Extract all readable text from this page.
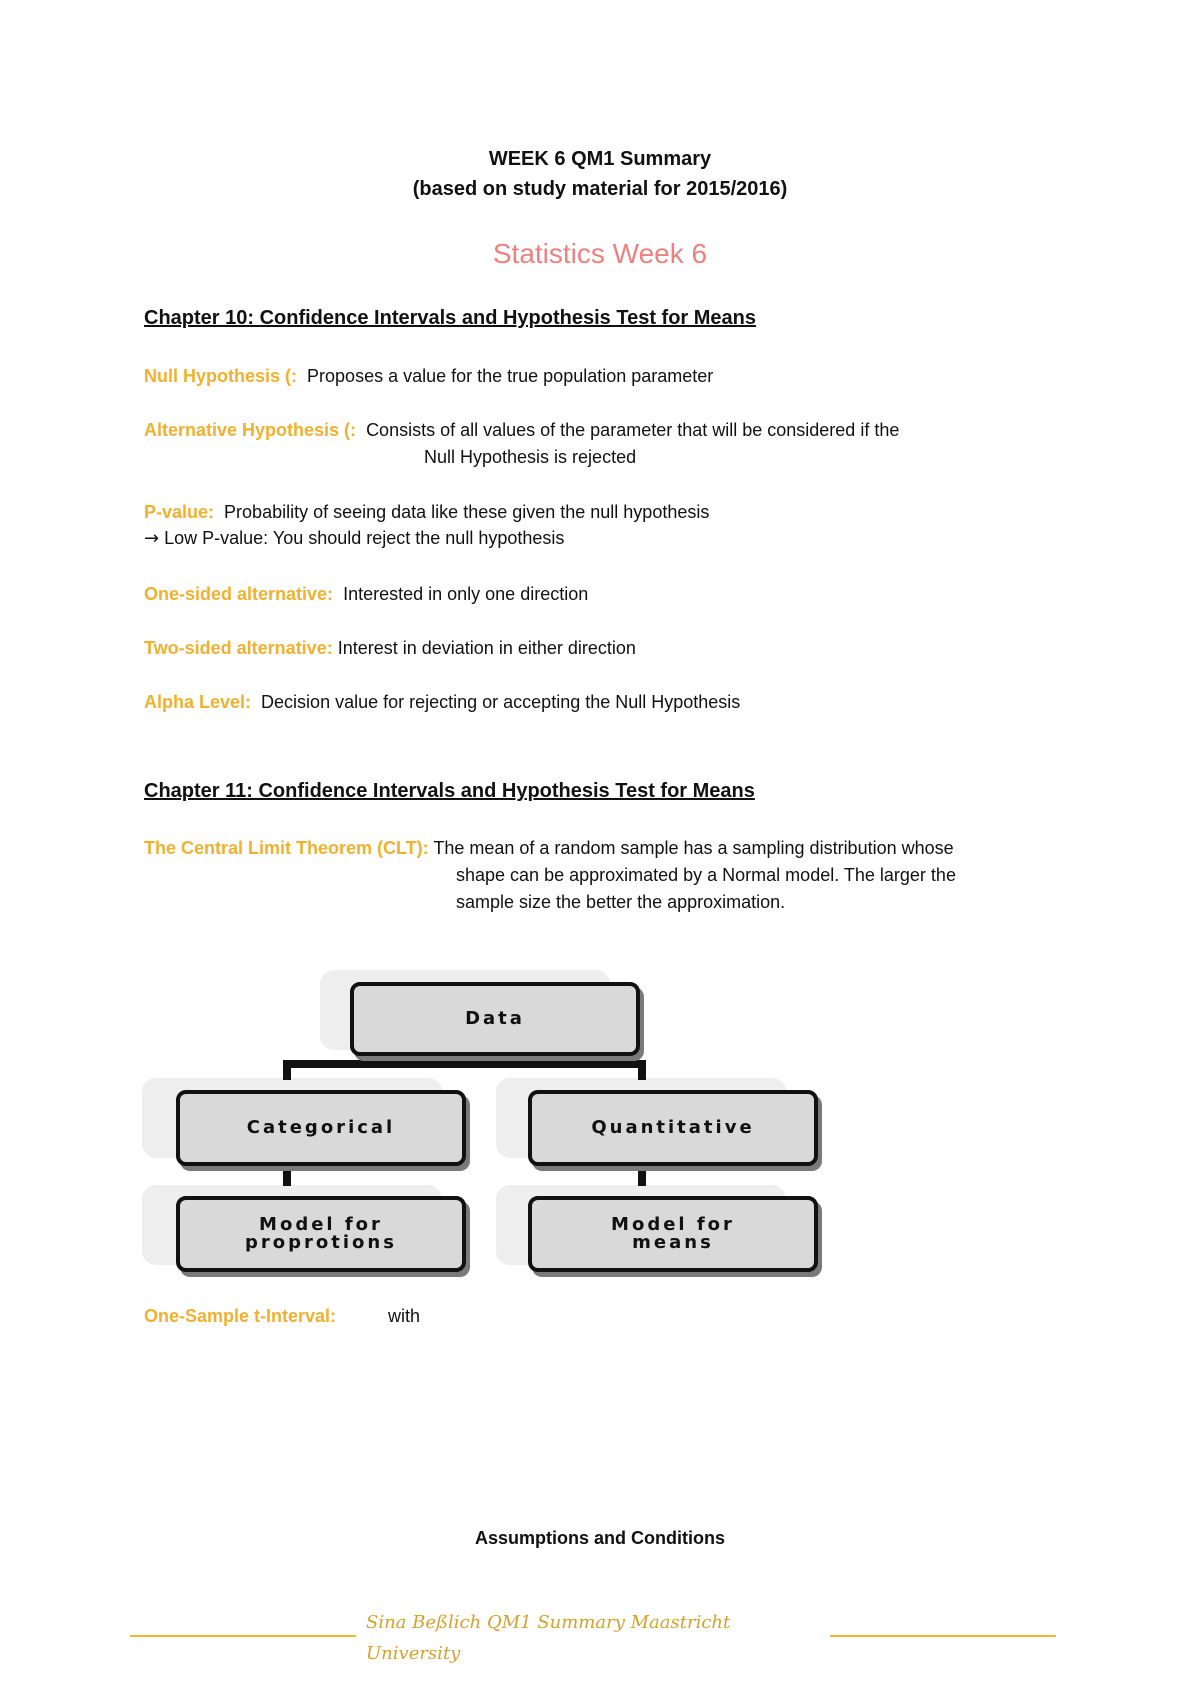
WEEK 6 QM1 Summary
(based on study material for 2015/2016)
Statistics Week 6
Chapter 10: Confidence Intervals and Hypothesis Test for Means
Null Hypothesis (: Proposes a value for the true population parameter
Alternative Hypothesis (: Consists of all values of the parameter that will be considered if the
Null Hypothesis is rejected
P-value: Probability of seeing data like these given the null hypothesis
→ Low P-value: You should reject the null hypothesis
One-sided alternative: Interested in only one direction
Two-sided alternative: Interest in deviation in either direction
Alpha Level: Decision value for rejecting or accepting the Null Hypothesis
Chapter 11: Confidence Intervals and Hypothesis Test for Means
The Central Limit Theorem (CLT): The mean of a random sample has a sampling distribution whose
shape can be approximated by a Normal model. The larger the
sample size the better the approximation.
Data
Categorical	Quantitative
Model for
proprotions
Model for
means
One-Sample t-Interval:	with
Assumptions and Conditions
Sina Beßlich QM1 Summary Maastricht
University
